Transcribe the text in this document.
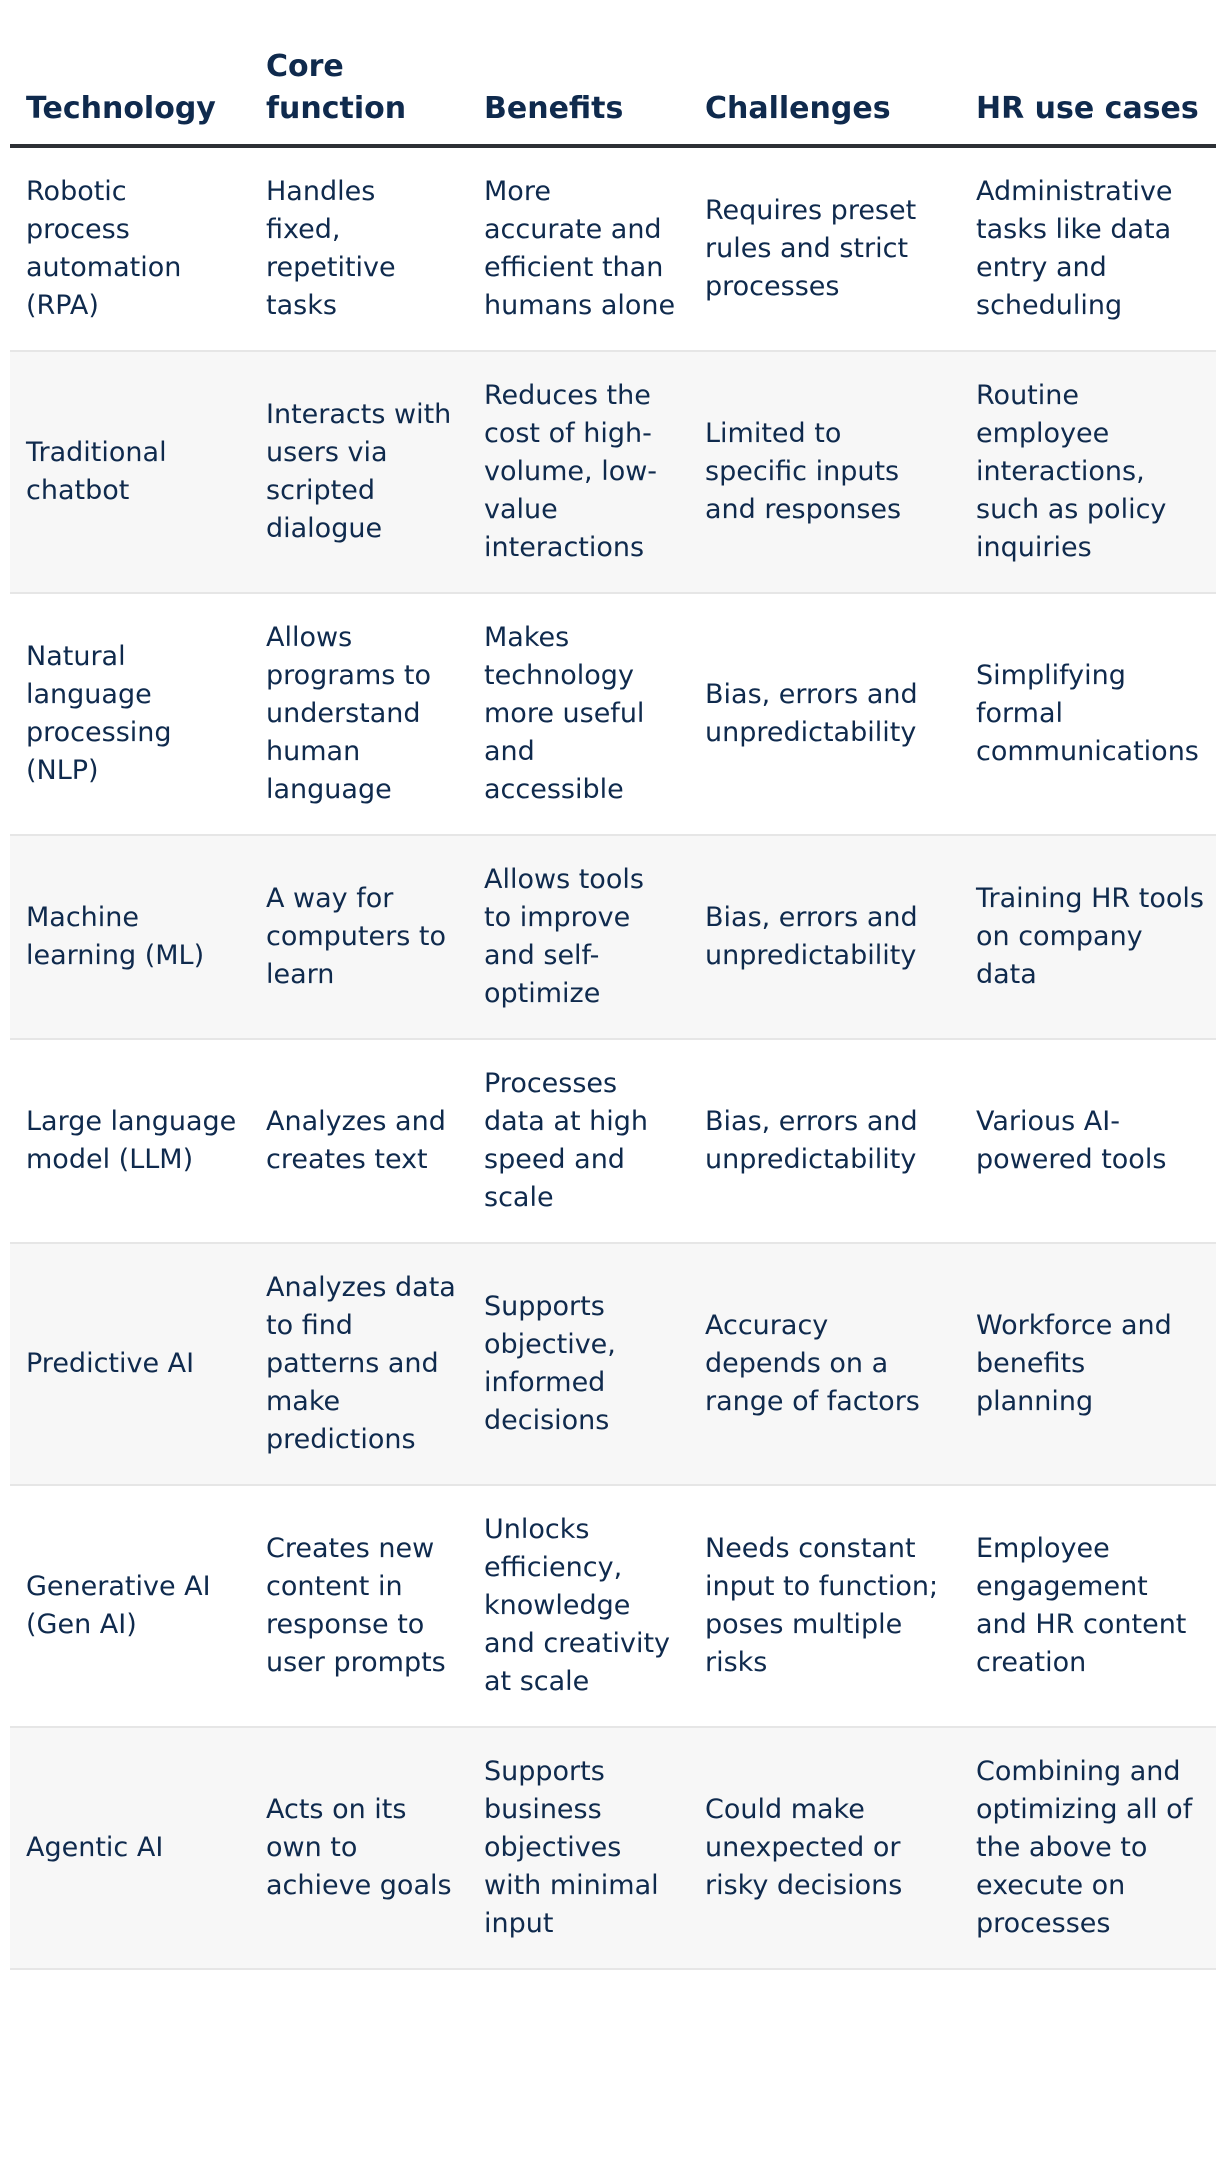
Technology	Core function	Benefits	Challenges	HR use cases
Robotic process automation (RPA)	Handles fixed, repetitive tasks	More accurate and efficient than humans alone	Requires preset rules and strict processes	Administrative tasks like data entry and scheduling
Traditional chatbot	Interacts with users via scripted dialogue	Reduces the cost of high-volume, low-value interactions	Limited to specific inputs and responses	Routine employee interactions, such as policy inquiries
Natural language processing (NLP)	Allows programs to understand human language	Makes technology more useful and accessible	Bias, errors and unpredictability	Simplifying formal communications
Machine learning (ML)	A way for computers to learn	Allows tools to improve and self-optimize	Bias, errors and unpredictability	Training HR tools on company data
Large language model (LLM)	Analyzes and creates text	Processes data at high speed and scale	Bias, errors and unpredictability	Various AI-powered tools
Predictive AI	Analyzes data to find patterns and make predictions	Supports objective, informed decisions	Accuracy depends on a range of factors	Workforce and benefits planning
Generative AI (Gen AI)	Creates new content in response to user prompts	Unlocks efficiency, knowledge and creativity at scale	Needs constant input to function; poses multiple risks	Employee engagement and HR content creation
Agentic AI	Acts on its own to achieve goals	Supports business objectives with minimal input	Could make unexpected or risky decisions	Combining and optimizing all of the above to execute on processes
